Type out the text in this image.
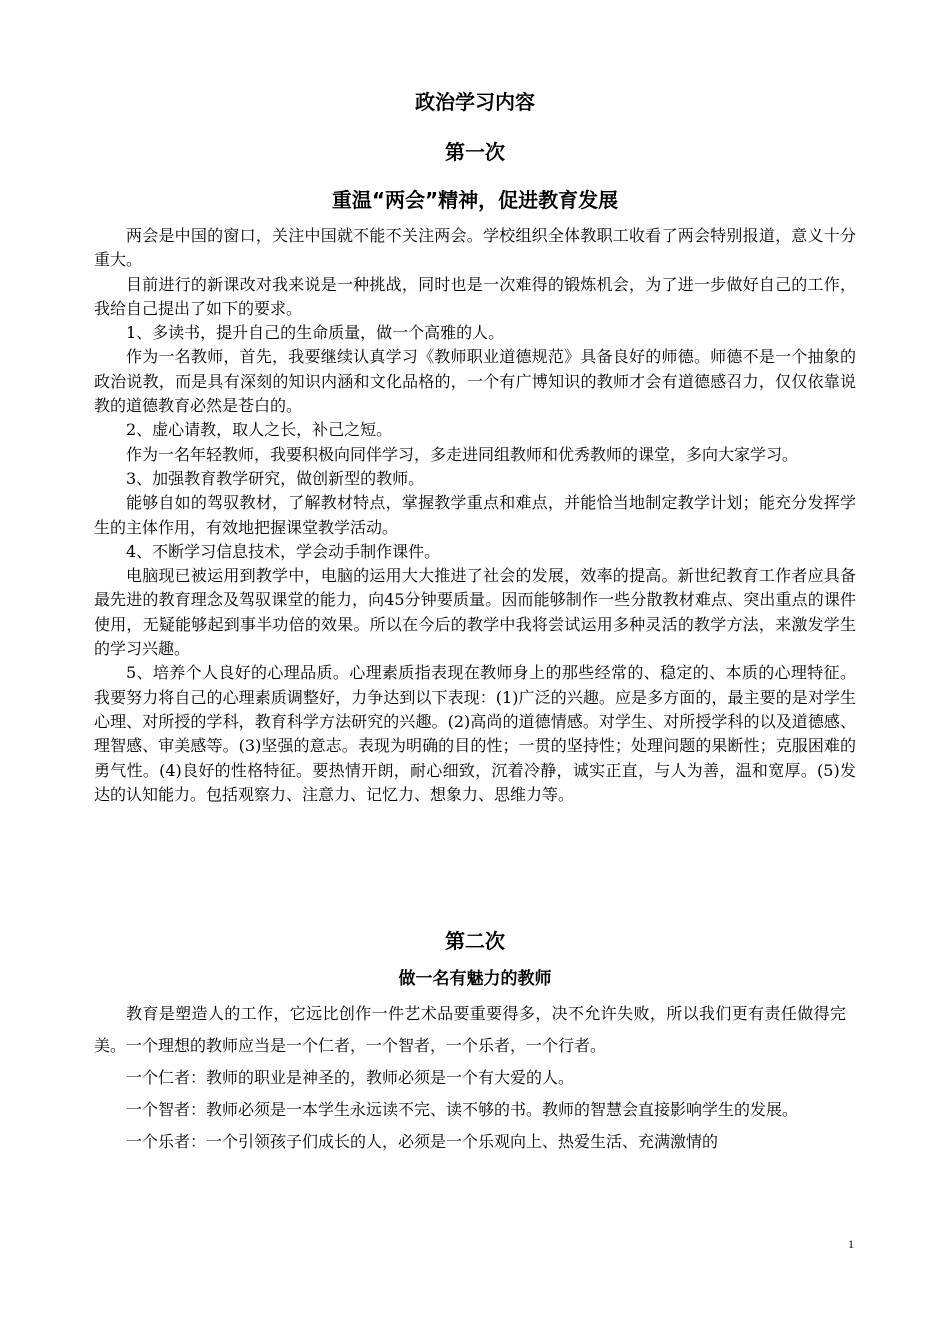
政治学习内容
第一次
重温“两会”精神，促进教育发展

两会是中国的窗口，关注中国就不能不关注两会。学校组织全体教职工收看了两会特别报道，意义十分重大。

目前进行的新课改对我来说是一种挑战，同时也是一次难得的锻炼机会，为了进一步做好自己的工作，我给自己提出了如下的要求。

1、多读书，提升自己的生命质量，做一个高雅的人。

作为一名教师，首先，我要继续认真学习《教师职业道德规范》具备良好的师德。师德不是一个抽象的政治说教，而是具有深刻的知识内涵和文化品格的，一个有广博知识的教师才会有道德感召力，仅仅依靠说教的道德教育必然是苍白的。

2、虚心请教，取人之长，补己之短。

作为一名年轻教师，我要积极向同伴学习，多走进同组教师和优秀教师的课堂，多向大家学习。

3、加强教育教学研究，做创新型的教师。

能够自如的驾驭教材，了解教材特点，掌握教学重点和难点，并能恰当地制定教学计划；能充分发挥学生的主体作用，有效地把握课堂教学活动。

4、不断学习信息技术，学会动手制作课件。

电脑现已被运用到教学中，电脑的运用大大推进了社会的发展，效率的提高。新世纪教育工作者应具备最先进的教育理念及驾驭课堂的能力，向45分钟要质量。因而能够制作一些分散教材难点、突出重点的课件使用，无疑能够起到事半功倍的效果。所以在今后的教学中我将尝试运用多种灵活的教学方法，来激发学生的学习兴趣。

5、培养个人良好的心理品质。心理素质指表现在教师身上的那些经常的、稳定的、本质的心理特征。我要努力将自己的心理素质调整好，力争达到以下表现：(1)广泛的兴趣。应是多方面的，最主要的是对学生心理、对所授的学科，教育科学方法研究的兴趣。(2)高尚的道德情感。对学生、对所授学科的以及道德感、理智感、审美感等。(3)坚强的意志。表现为明确的目的性；一贯的坚持性；处理问题的果断性；克服困难的勇气性。(4)良好的性格特征。要热情开朗，耐心细致，沉着冷静，诚实正直，与人为善，温和宽厚。(5)发达的认知能力。包括观察力、注意力、记忆力、想象力、思维力等。

第二次
做一名有魅力的教师

教育是塑造人的工作，它远比创作一件艺术品要重要得多，决不允许失败，所以我们更有责任做得完美。一个理想的教师应当是一个仁者，一个智者，一个乐者，一个行者。

一个仁者：教师的职业是神圣的，教师必须是一个有大爱的人。

一个智者：教师必须是一本学生永远读不完、读不够的书。教师的智慧会直接影响学生的发展。

一个乐者：一个引领孩子们成长的人，必须是一个乐观向上、热爱生活、充满激情的

1
